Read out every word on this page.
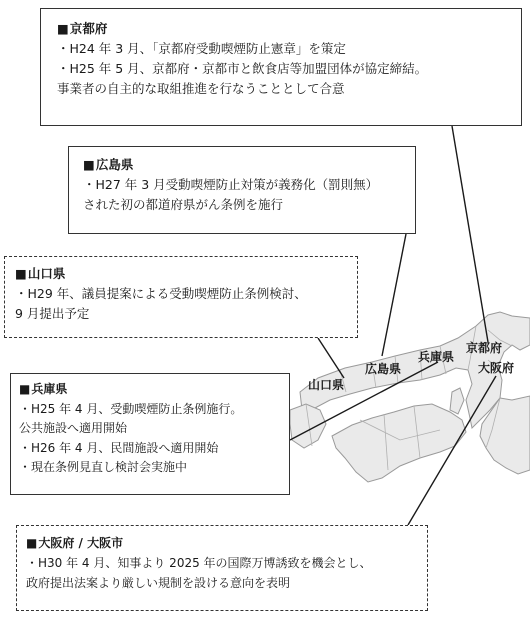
山口県
広島県
兵庫県
京都府
大阪府
■ 京都府
・H24 年 3 月、「京都府受動喫煙防止憲章」を策定
・H25 年 5 月、京都府・京都市と飲食店等加盟団体が協定締結。
事業者の自主的な取組推進を行なうこととして合意
■ 広島県
・H27 年 3 月受動喫煙防止対策が義務化（罰則無）
された初の都道府県がん条例を施行
■ 山口県
・H29 年、議員提案による受動喫煙防止条例検討、
9 月提出予定
■ 兵庫県
・H25 年 4 月、受動喫煙防止条例施行。
公共施設へ適用開始
・H26 年 4 月、民間施設へ適用開始
・現在条例見直し検討会実施中
■ 大阪府 / 大阪市
・H30 年 4 月、知事より 2025 年の国際万博誘致を機会とし、
政府提出法案より厳しい規制を設ける意向を表明
